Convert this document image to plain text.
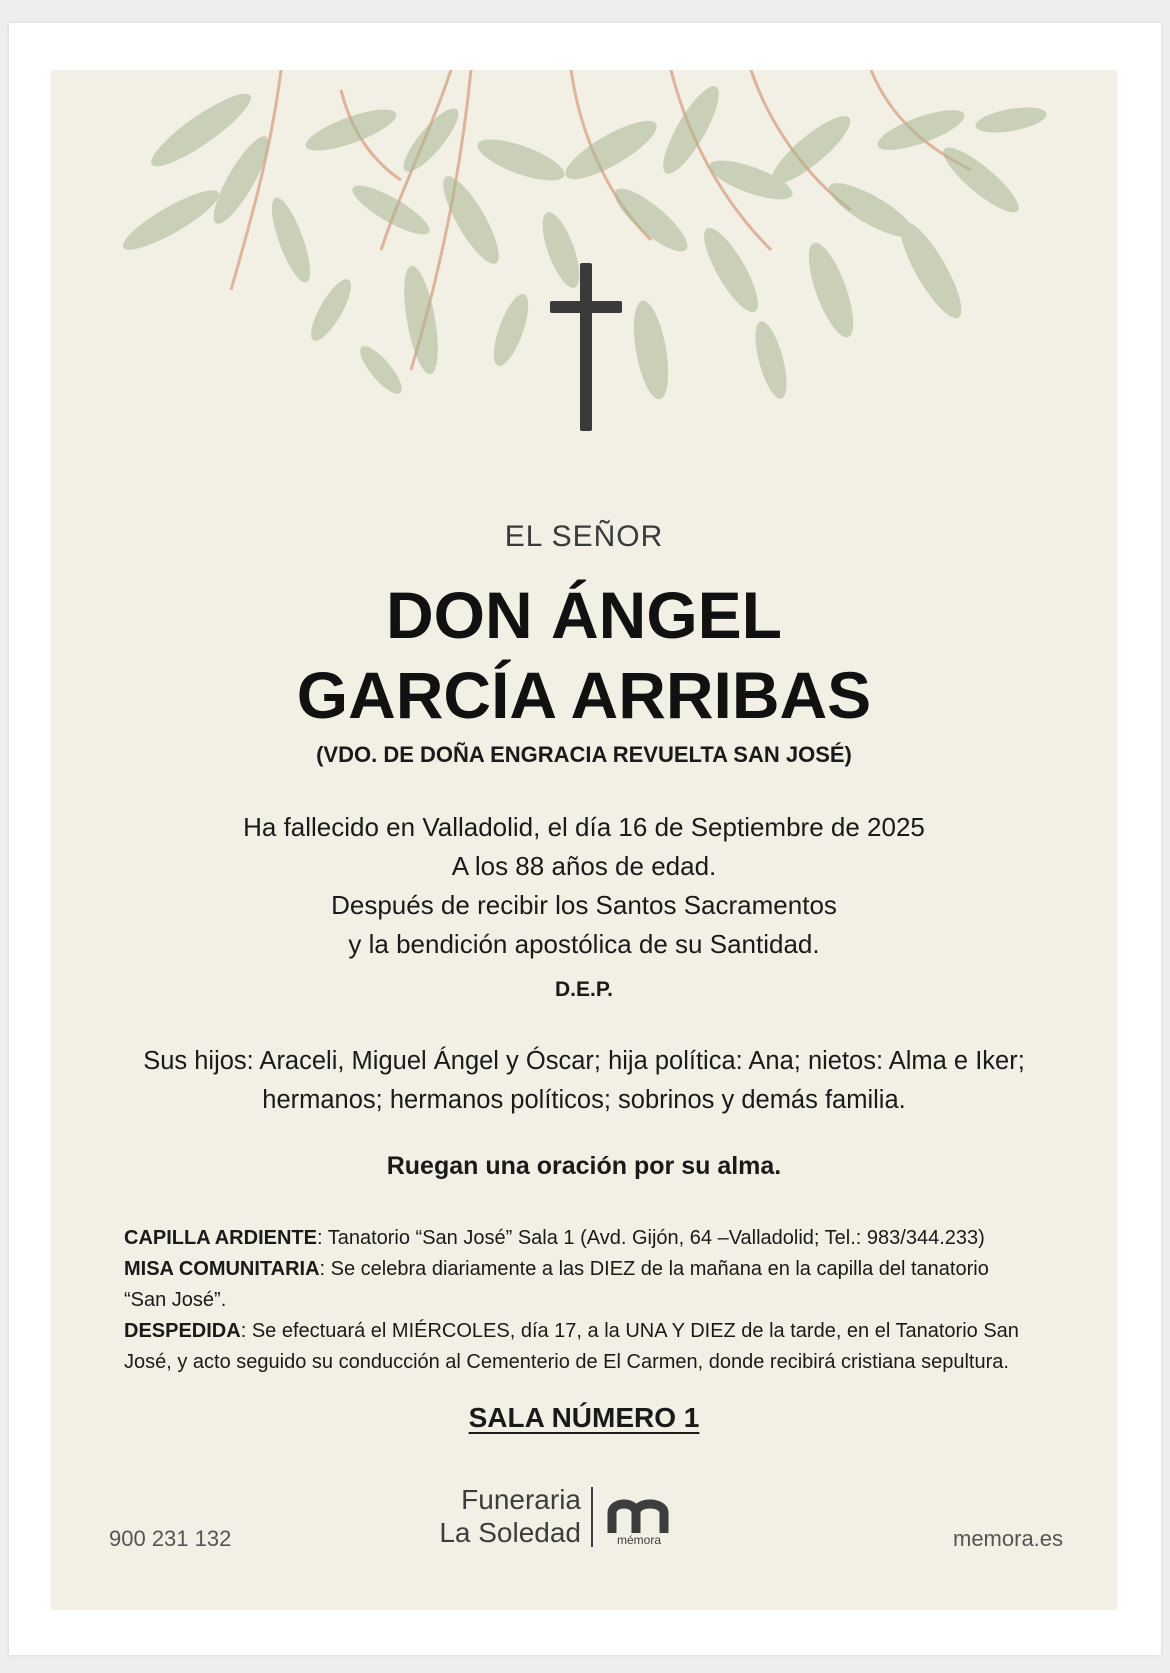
EL SEÑOR
DON ÁNGEL
GARCÍA ARRIBAS
(VDO. DE DOÑA ENGRACIA REVUELTA SAN JOSÉ)
Ha fallecido en Valladolid, el día 16 de Septiembre de 2025
A los 88 años de edad.
Después de recibir los Santos Sacramentos
y la bendición apostólica de su Santidad.
D.E.P.
Sus hijos: Araceli, Miguel Ángel y Óscar; hija política: Ana; nietos: Alma e Iker;
hermanos; hermanos políticos; sobrinos y demás familia.
Ruegan una oración por su alma.

CAPILLA ARDIENTE: Tanatorio “San José” Sala 1 (Avd. Gijón, 64 –Valladolid; Tel.: 983/344.233)

MISA COMUNITARIA: Se celebra diariamente a las DIEZ de la mañana en la capilla del tanatorio “San José”.

DESPEDIDA: Se efectuará el MIÉRCOLES, día 17, a la UNA Y DIEZ de la tarde, en el Tanatorio San José, y acto seguido su conducción al Cementerio de El Carmen, donde recibirá cristiana sepultura.

SALA NÚMERO 1
900 231 132
Funeraria
La Soledad	mémora	memora.es
